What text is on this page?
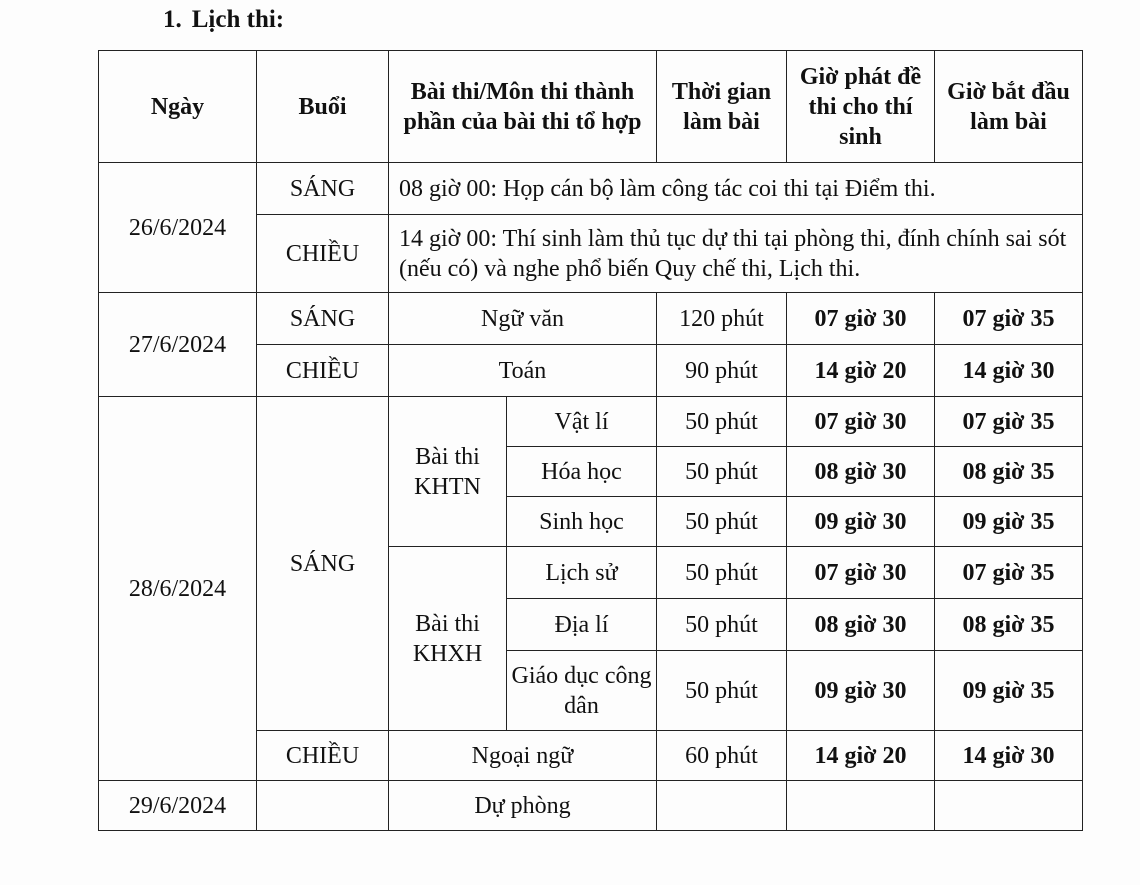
1. Lịch thi:
Ngày	Buổi	Bài thi/Môn thi thành phần của bài thi tổ hợp		Thời gian làm bài	Giờ phát đề thi cho thí sinh	Giờ bắt đầu làm bài
26/6/2024	SÁNG	08 giờ 00: Họp cán bộ làm công tác coi thi tại Điểm thi.				
	CHIỀU	14 giờ 00: Thí sinh làm thủ tục dự thi tại phòng thi, đính chính sai sót (nếu có) và nghe phổ biến Quy chế thi, Lịch thi.				
27/6/2024	SÁNG	Ngữ văn		120 phút	07 giờ 30	07 giờ 35
	CHIỀU	Toán		90 phút	14 giờ 20	14 giờ 30
28/6/2024	SÁNG	Bài thi KHTN	Vật lí	50 phút	07 giờ 30	07 giờ 35
			Hóa học	50 phút	08 giờ 30	08 giờ 35
			Sinh học	50 phút	09 giờ 30	09 giờ 35
		Bài thi KHXH	Lịch sử	50 phút	07 giờ 30	07 giờ 35
			Địa lí	50 phút	08 giờ 30	08 giờ 35
			Giáo dục công dân	50 phút	09 giờ 30	09 giờ 35
	CHIỀU	Ngoại ngữ		60 phút	14 giờ 20	14 giờ 30
29/6/2024		Dự phòng				
